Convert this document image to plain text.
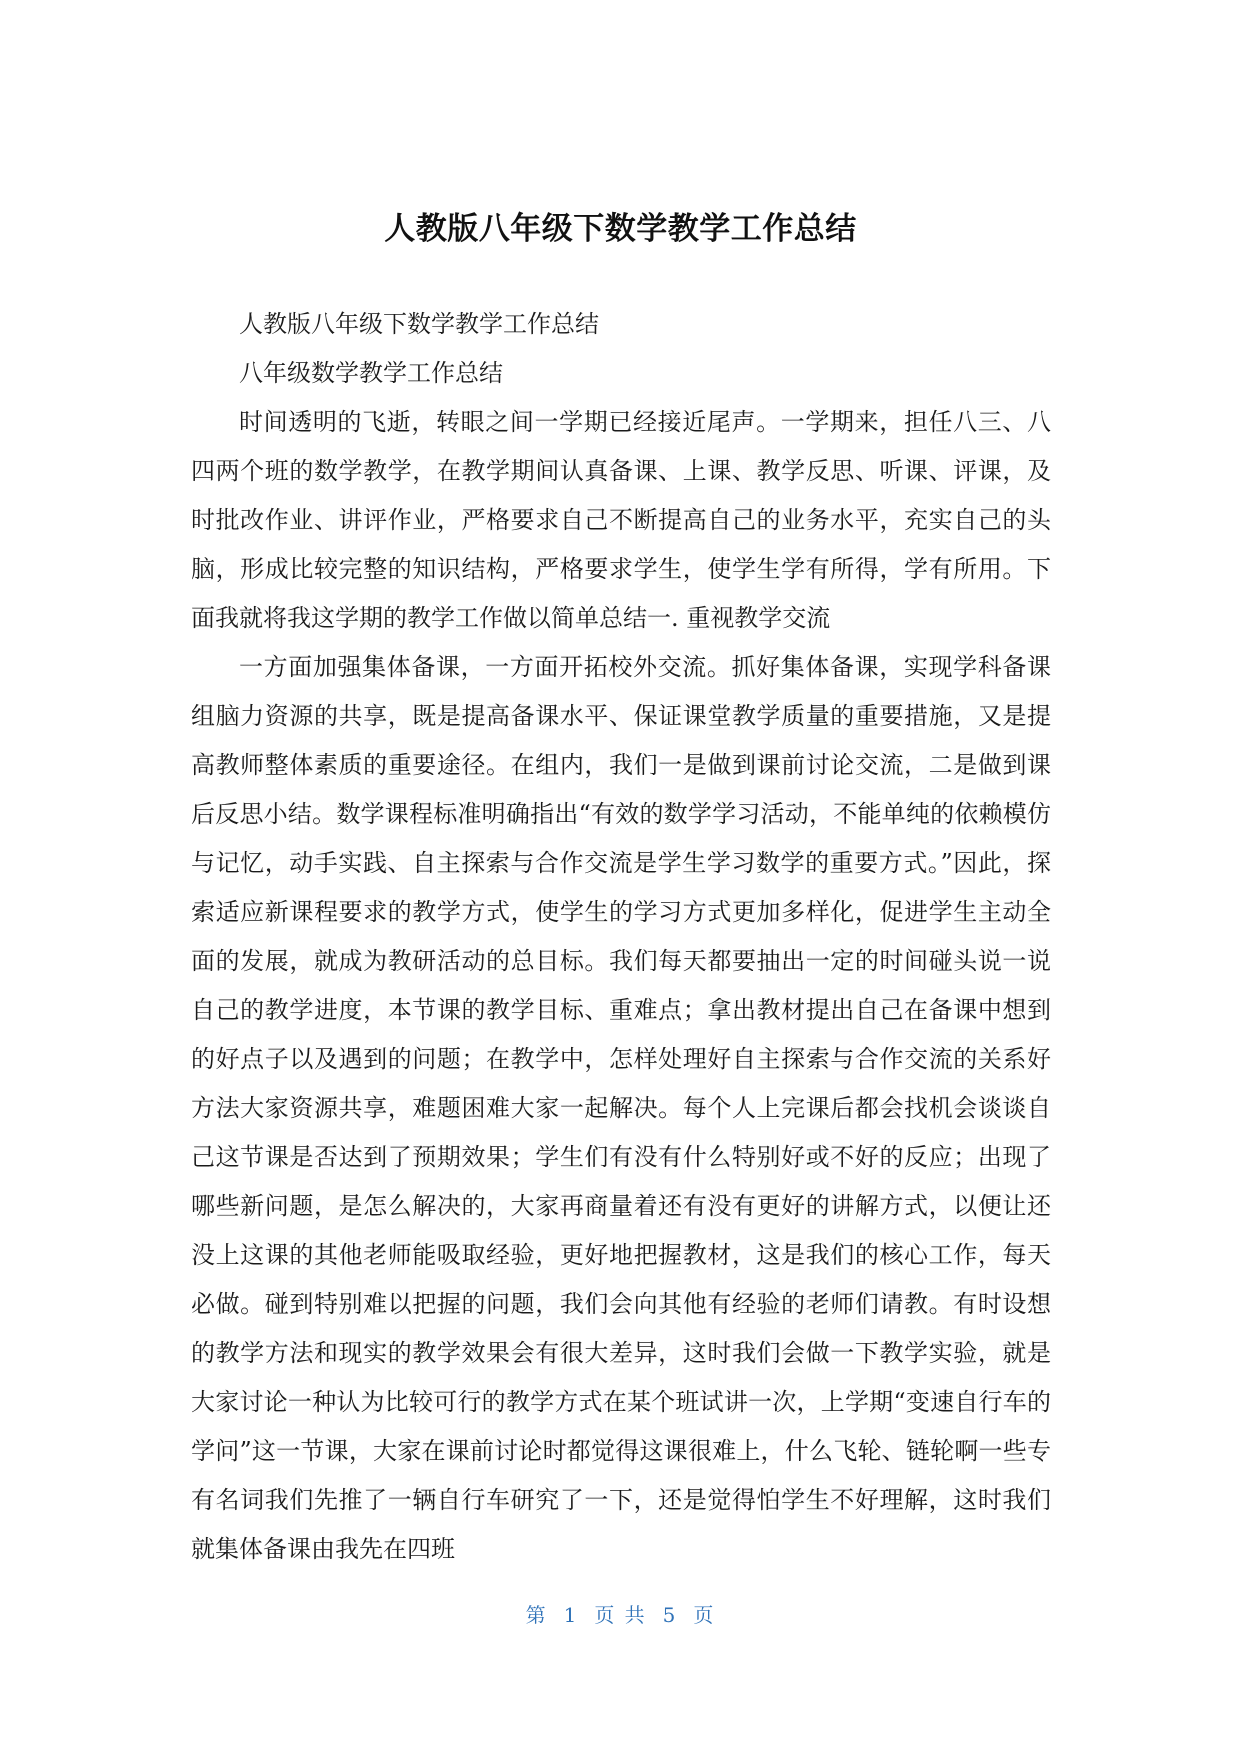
人教版八年级下数学教学工作总结

人教版八年级下数学教学工作总结

八年级数学教学工作总结

时间透明的飞逝，转眼之间一学期已经接近尾声。一学期来，担任八三、八四两个班的数学教学，在教学期间认真备课、上课、教学反思、听课、评课，及时批改作业、讲评作业，严格要求自己不断提高自己的业务水平，充实自己的头脑，形成比较完整的知识结构，严格要求学生，使学生学有所得，学有所用。下面我就将我这学期的教学工作做以简单总结一. 重视教学交流

一方面加强集体备课，一方面开拓校外交流。抓好集体备课，实现学科备课组脑力资源的共享，既是提高备课水平、保证课堂教学质量的重要措施，又是提高教师整体素质的重要途径。在组内，我们一是做到课前讨论交流，二是做到课后反思小结。数学课程标准明确指出“有效的数学学习活动，不能单纯的依赖模仿与记忆，动手实践、自主探索与合作交流是学生学习数学的重要方式。”因此，探索适应新课程要求的教学方式，使学生的学习方式更加多样化，促进学生主动全面的发展，就成为教研活动的总目标。我们每天都要抽出一定的时间碰头说一说自己的教学进度，本节课的教学目标、重难点；拿出教材提出自己在备课中想到的好点子以及遇到的问题；在教学中，怎样处理好自主探索与合作交流的关系好方法大家资源共享，难题困难大家一起解决。每个人上完课后都会找机会谈谈自己这节课是否达到了预期效果；学生们有没有什么特别好或不好的反应；出现了哪些新问题，是怎么解决的，大家再商量着还有没有更好的讲解方式，以便让还没上这课的其他老师能吸取经验，更好地把握教材，这是我们的核心工作，每天必做。碰到特别难以把握的问题，我们会向其他有经验的老师们请教。有时设想的教学方法和现实的教学效果会有很大差异，这时我们会做一下教学实验，就是大家讨论一种认为比较可行的教学方式在某个班试讲一次，上学期“变速自行车的学问”这一节课，大家在课前讨论时都觉得这课很难上，什么飞轮、链轮啊一些专有名词我们先推了一辆自行车研究了一下，还是觉得怕学生不好理解，这时我们就集体备课由我先在四班

第 1 页 共 5 页
